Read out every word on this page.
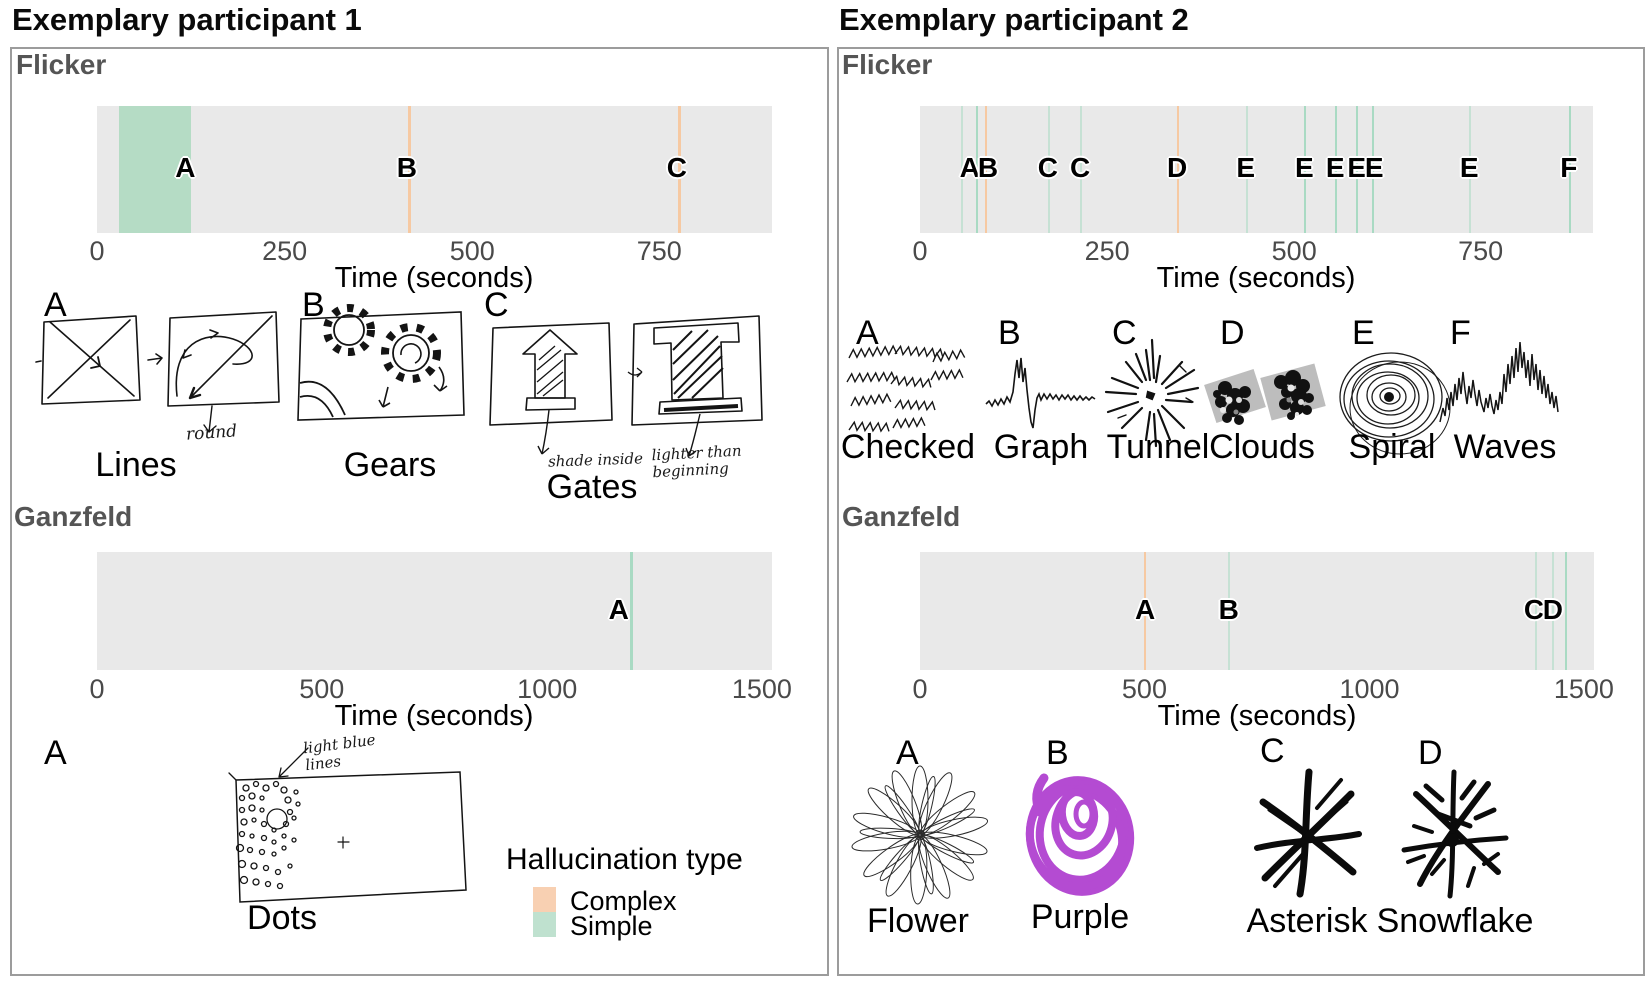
Exemplary participant 1	Exemplary participant 2
Flicker
Ganzfeld
Flicker
Ganzfeld
A	B	C
0	250	500	750
Time (seconds)
A	B	C
round
Lines	Gears	shade inside lighter than beginning
Gates
A
0	500	1000	1500
Time (seconds)
A	light blue lines
Dots
Hallucination type
Complex
Simple
A
B C C	D E E E E
E	E	F
0	250	500	750
Time (seconds)
A	B	C D	E F
Checked Graph Tunnel Clouds Spiral Waves
A B	C
D
0	500	1000	1500
Time (seconds)
A	B	C	D
Flower Purple	Asterisk Snowflake
